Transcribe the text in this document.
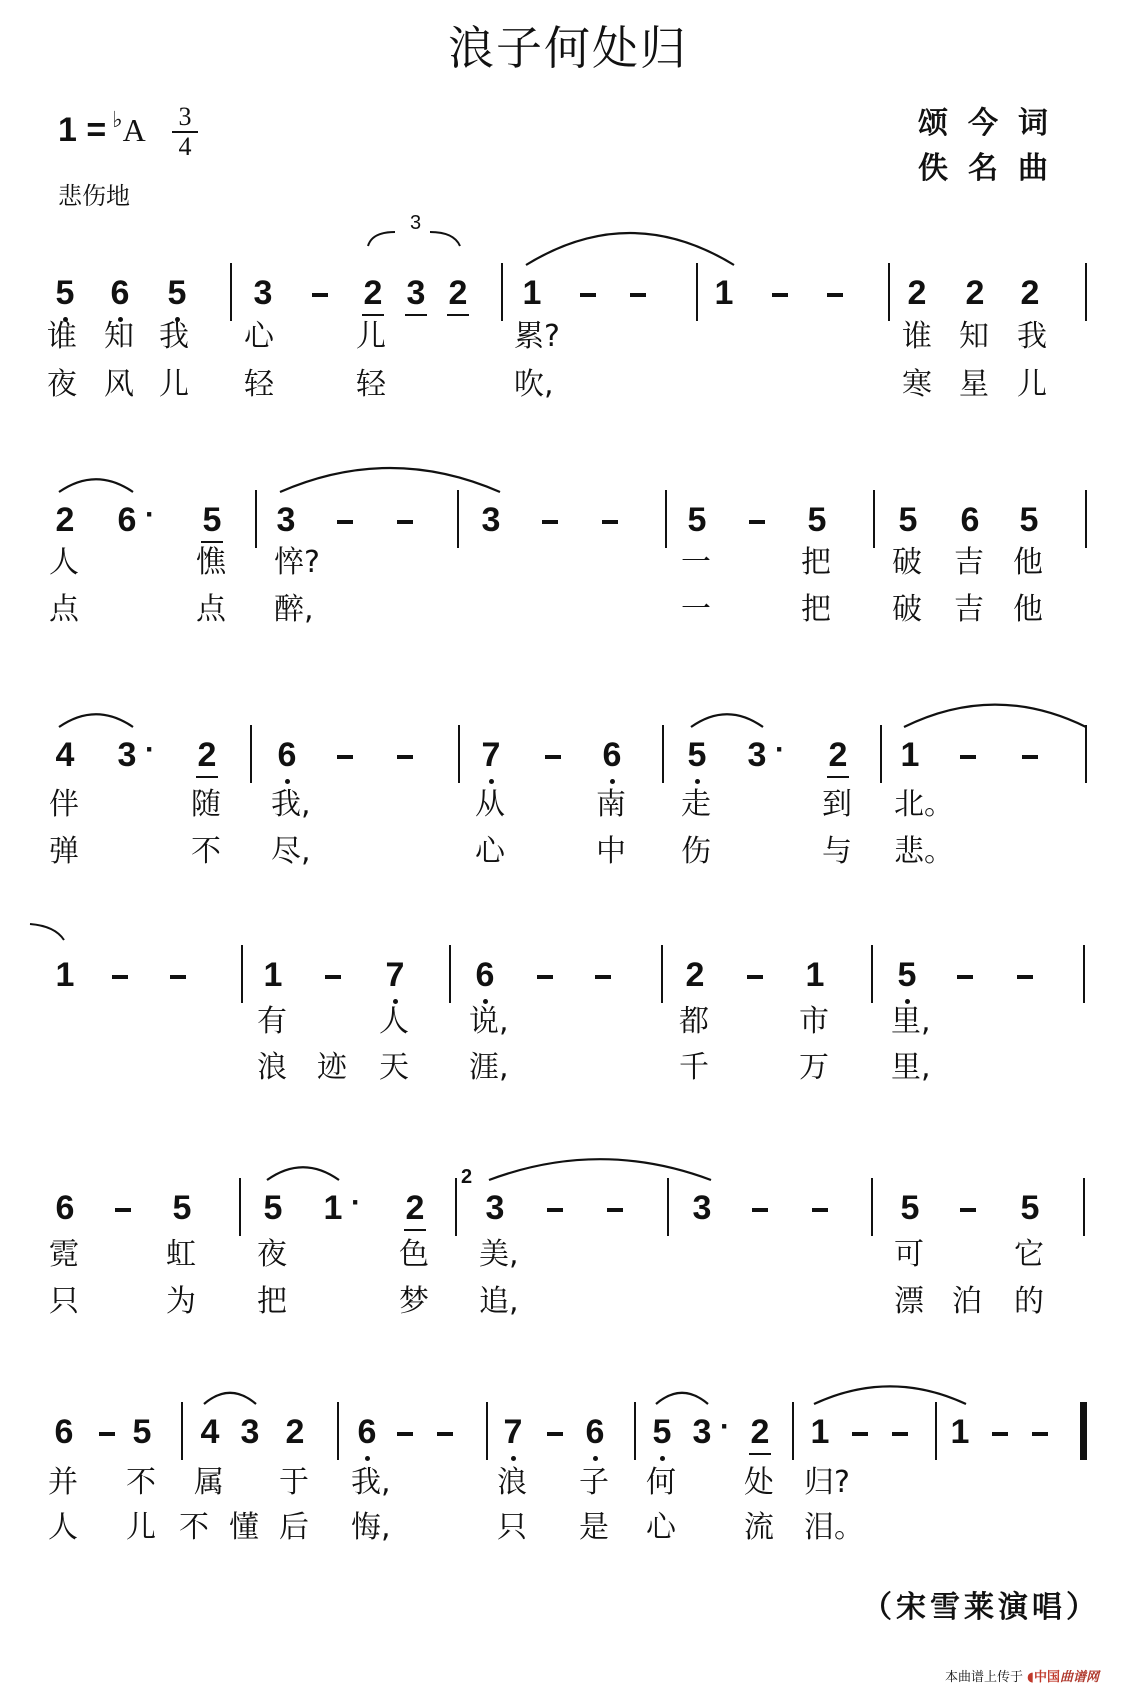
浪子何处归
1 = ♭A 3
4
悲伤地
颂今词
佚名曲
5 6 5 3	2 3 2 1	1	2 2 2
谁 知 我 心	儿	累?	谁 知 我
夜 风 儿 轻	轻	吹,	寒 星 儿
2 6 · 5 3	3	5	5 5 6 5
人	憔 悴?	一	把 破 吉 他
点	点 醉,	一	把 破 吉 他
4 3 · 2 6	7	6 5 3 · 2 1
伴	随 我,	从	南 走	到 北。
弹	不 尽,	心	中 伤	与 悲。
1	1	7 6	2	1 5
有	人 说,	都	市 里,
浪 迹 天 涯,	千	万 里,
6	5 5 1 · 2 3	3	5	5
霓	虹 夜	色 美,	可	它
只	为 把	梦 追,	漂 泊 的
6 5 4 3 2 6	7 6 5 3 · 2 1	1
并 不 属 于 我,	浪 子 何 处 归?
人 儿 不 懂 后 悔,	只 是 心 流 泪。
2
3
（宋雪莱演唱）
本曲谱上传于 ◖中国曲谱网
